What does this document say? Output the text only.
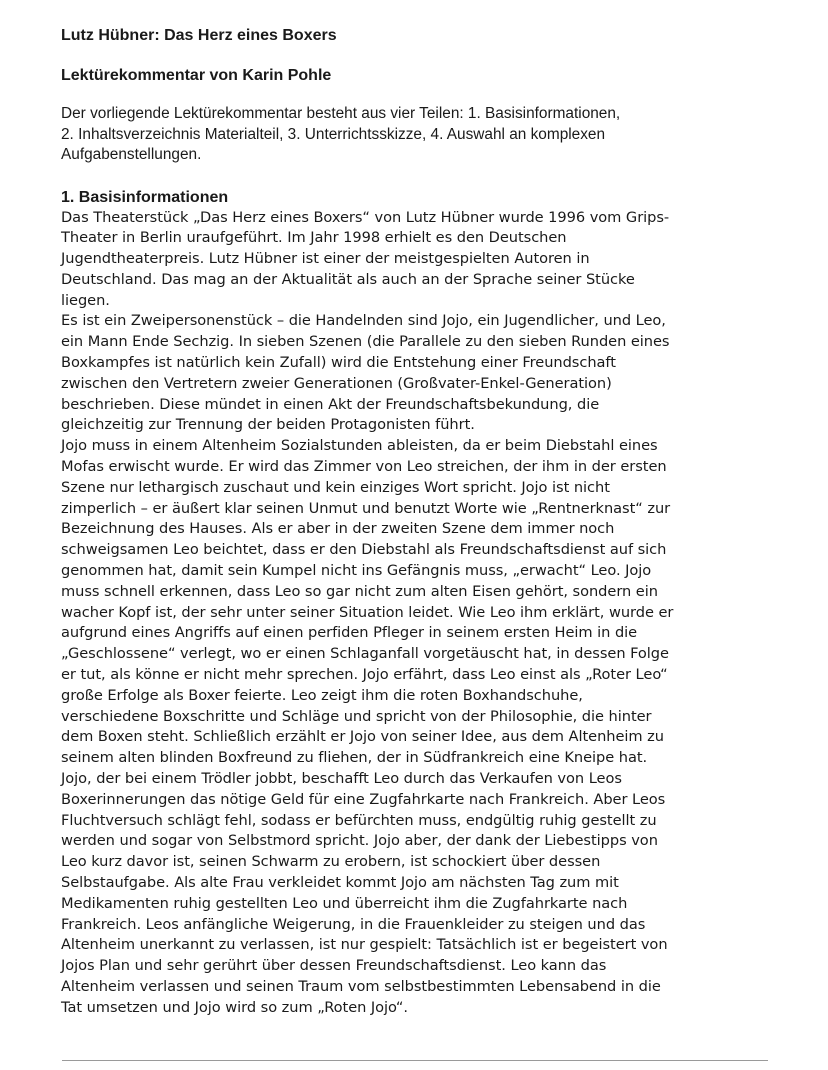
Lutz Hübner: Das Herz eines Boxers
Lektürekommentar von Karin Pohle
Der vorliegende Lektürekommentar besteht aus vier Teilen: 1. Basisinformationen,
2. Inhaltsverzeichnis Materialteil, 3. Unterrichtsskizze, 4. Auswahl an komplexen
Aufgabenstellungen.
1. Basisinformationen
Das Theaterstück „Das Herz eines Boxers“ von Lutz Hübner wurde 1996 vom Grips-
Theater in Berlin uraufgeführt. Im Jahr 1998 erhielt es den Deutschen
Jugendtheaterpreis. Lutz Hübner ist einer der meistgespielten Autoren in
Deutschland. Das mag an der Aktualität als auch an der Sprache seiner Stücke
liegen.
Es ist ein Zweipersonenstück – die Handelnden sind Jojo, ein Jugendlicher, und Leo,
ein Mann Ende Sechzig. In sieben Szenen (die Parallele zu den sieben Runden eines
Boxkampfes ist natürlich kein Zufall) wird die Entstehung einer Freundschaft
zwischen den Vertretern zweier Generationen (Großvater-Enkel-Generation)
beschrieben. Diese mündet in einen Akt der Freundschaftsbekundung, die
gleichzeitig zur Trennung der beiden Protagonisten führt.
Jojo muss in einem Altenheim Sozialstunden ableisten, da er beim Diebstahl eines
Mofas erwischt wurde. Er wird das Zimmer von Leo streichen, der ihm in der ersten
Szene nur lethargisch zuschaut und kein einziges Wort spricht. Jojo ist nicht
zimperlich – er äußert klar seinen Unmut und benutzt Worte wie „Rentnerknast“ zur
Bezeichnung des Hauses. Als er aber in der zweiten Szene dem immer noch
schweigsamen Leo beichtet, dass er den Diebstahl als Freundschaftsdienst auf sich
genommen hat, damit sein Kumpel nicht ins Gefängnis muss, „erwacht“ Leo. Jojo
muss schnell erkennen, dass Leo so gar nicht zum alten Eisen gehört, sondern ein
wacher Kopf ist, der sehr unter seiner Situation leidet. Wie Leo ihm erklärt, wurde er
aufgrund eines Angriffs auf einen perfiden Pfleger in seinem ersten Heim in die
„Geschlossene“ verlegt, wo er einen Schlaganfall vorgetäuscht hat, in dessen Folge
er tut, als könne er nicht mehr sprechen. Jojo erfährt, dass Leo einst als „Roter Leo“
große Erfolge als Boxer feierte. Leo zeigt ihm die roten Boxhandschuhe,
verschiedene Boxschritte und Schläge und spricht von der Philosophie, die hinter
dem Boxen steht. Schließlich erzählt er Jojo von seiner Idee, aus dem Altenheim zu
seinem alten blinden Boxfreund zu fliehen, der in Südfrankreich eine Kneipe hat.
Jojo, der bei einem Trödler jobbt, beschafft Leo durch das Verkaufen von Leos
Boxerinnerungen das nötige Geld für eine Zugfahrkarte nach Frankreich. Aber Leos
Fluchtversuch schlägt fehl, sodass er befürchten muss, endgültig ruhig gestellt zu
werden und sogar von Selbstmord spricht. Jojo aber, der dank der Liebestipps von
Leo kurz davor ist, seinen Schwarm zu erobern, ist schockiert über dessen
Selbstaufgabe. Als alte Frau verkleidet kommt Jojo am nächsten Tag zum mit
Medikamenten ruhig gestellten Leo und überreicht ihm die Zugfahrkarte nach
Frankreich. Leos anfängliche Weigerung, in die Frauenkleider zu steigen und das
Altenheim unerkannt zu verlassen, ist nur gespielt: Tatsächlich ist er begeistert von
Jojos Plan und sehr gerührt über dessen Freundschaftsdienst. Leo kann das
Altenheim verlassen und seinen Traum vom selbstbestimmten Lebensabend in die
Tat umsetzen und Jojo wird so zum „Roten Jojo“.
